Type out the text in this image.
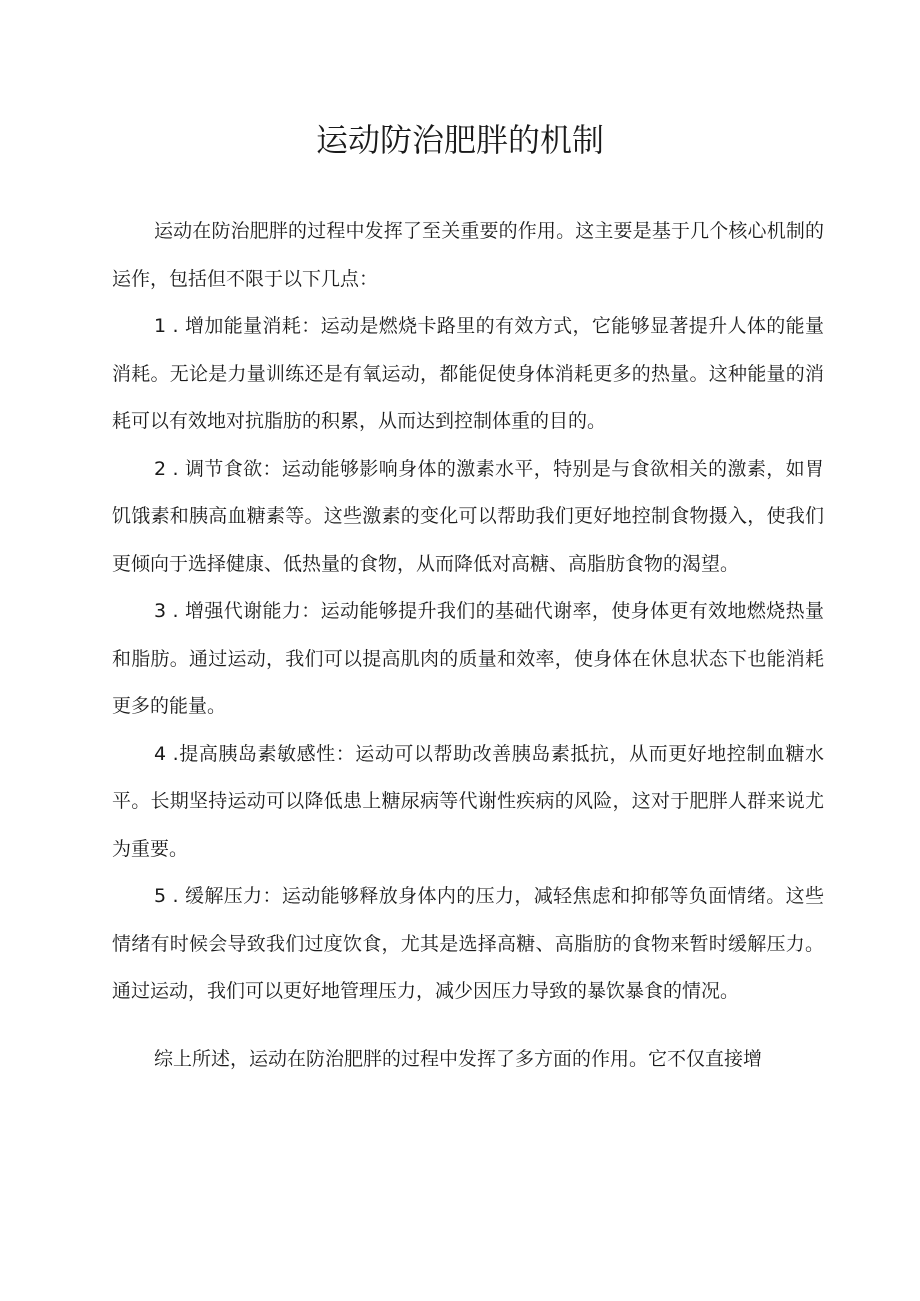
运动防治肥胖的机制

运动在防治肥胖的过程中发挥了至关重要的作用。这主要是基于几个核心机制的运作，包括但不限于以下几点：

1 . 增加能量消耗：运动是燃烧卡路里的有效方式，它能够显著提升人体的能量消耗。无论是力量训练还是有氧运动，都能促使身体消耗更多的热量。这种能量的消耗可以有效地对抗脂肪的积累，从而达到控制体重的目的。

2 . 调节食欲：运动能够影响身体的激素水平，特别是与食欲相关的激素，如胃饥饿素和胰高血糖素等。这些激素的变化可以帮助我们更好地控制食物摄入，使我们更倾向于选择健康、低热量的食物，从而降低对高糖、高脂肪食物的渴望。

3 . 增强代谢能力：运动能够提升我们的基础代谢率，使身体更有效地燃烧热量和脂肪。通过运动，我们可以提高肌肉的质量和效率，使身体在休息状态下也能消耗更多的能量。

4 .提高胰岛素敏感性：运动可以帮助改善胰岛素抵抗，从而更好地控制血糖水平。长期坚持运动可以降低患上糖尿病等代谢性疾病的风险，这对于肥胖人群来说尤为重要。

5 . 缓解压力：运动能够释放身体内的压力，减轻焦虑和抑郁等负面情绪。这些情绪有时候会导致我们过度饮食，尤其是选择高糖、高脂肪的食物来暂时缓解压力。通过运动，我们可以更好地管理压力，减少因压力导致的暴饮暴食的情况。

综上所述，运动在防治肥胖的过程中发挥了多方面的作用。它不仅直接增
